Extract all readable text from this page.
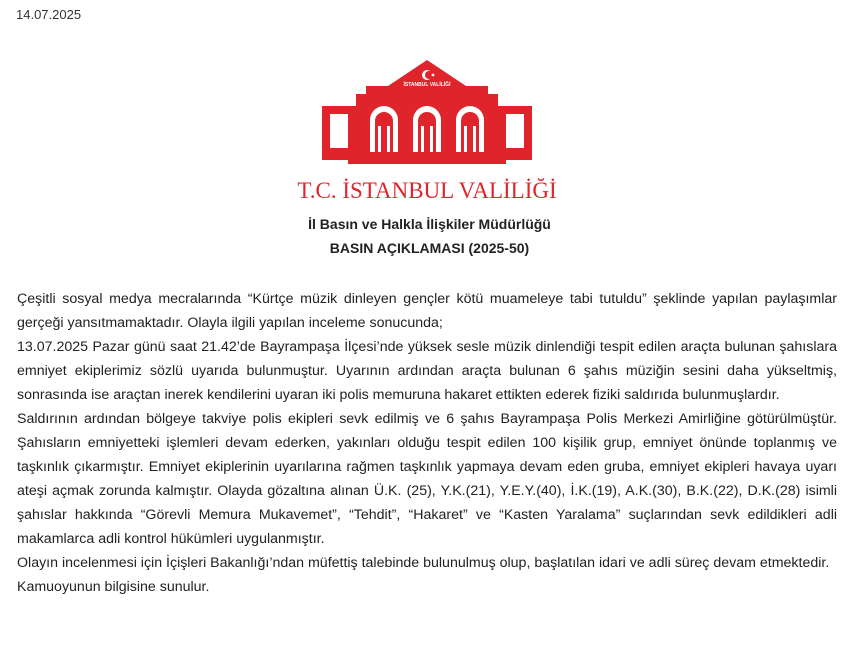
14.07.2025
İSTANBUL VALİLİĞİ
T.C. İSTANBUL VALİLİĞİ
İl Basın ve Halkla İlişkiler Müdürlüğü
BASIN AÇIKLAMASI (2025-50)

Çeşitli sosyal medya mecralarında “Kürtçe müzik dinleyen gençler kötü muameleye tabi tutuldu” şeklinde yapılan paylaşımlar gerçeği yansıtmamaktadır. Olayla ilgili yapılan inceleme sonucunda;

13.07.2025 Pazar günü saat 21.42’de Bayrampaşa İlçesi’nde yüksek sesle müzik dinlendiği tespit edilen araçta bulunan şahıslara emniyet ekiplerimiz sözlü uyarıda bulunmuştur. Uyarının ardından araçta bulunan 6 şahıs müziğin sesini daha yükseltmiş, sonrasında ise araçtan inerek kendilerini uyaran iki polis memuruna hakaret ettikten ederek fiziki saldırıda bulunmuşlardır.

Saldırının ardından bölgeye takviye polis ekipleri sevk edilmiş ve 6 şahıs Bayrampaşa Polis Merkezi Amirliğine götürülmüştür. Şahısların emniyetteki işlemleri devam ederken, yakınları olduğu tespit edilen 100 kişilik grup, emniyet önünde toplanmış ve taşkınlık çıkarmıştır. Emniyet ekiplerinin uyarılarına rağmen taşkınlık yapmaya devam eden gruba, emniyet ekipleri havaya uyarı ateşi açmak zorunda kalmıştır. Olayda gözaltına alınan Ü.K. (25), Y.K.(21), Y.E.Y.(40), İ.K.(19), A.K.(30), B.K.(22), D.K.(28) isimli şahıslar hakkında “Görevli Memura Mukavemet”, “Tehdit”, “Hakaret” ve “Kasten Yaralama” suçlarından sevk edildikleri adli makamlarca adli kontrol hükümleri uygulanmıştır.

Olayın incelenmesi için İçişleri Bakanlığı’ndan müfettiş talebinde bulunulmuş olup, başlatılan idari ve adli süreç devam etmektedir.

Kamuoyunun bilgisine sunulur.
